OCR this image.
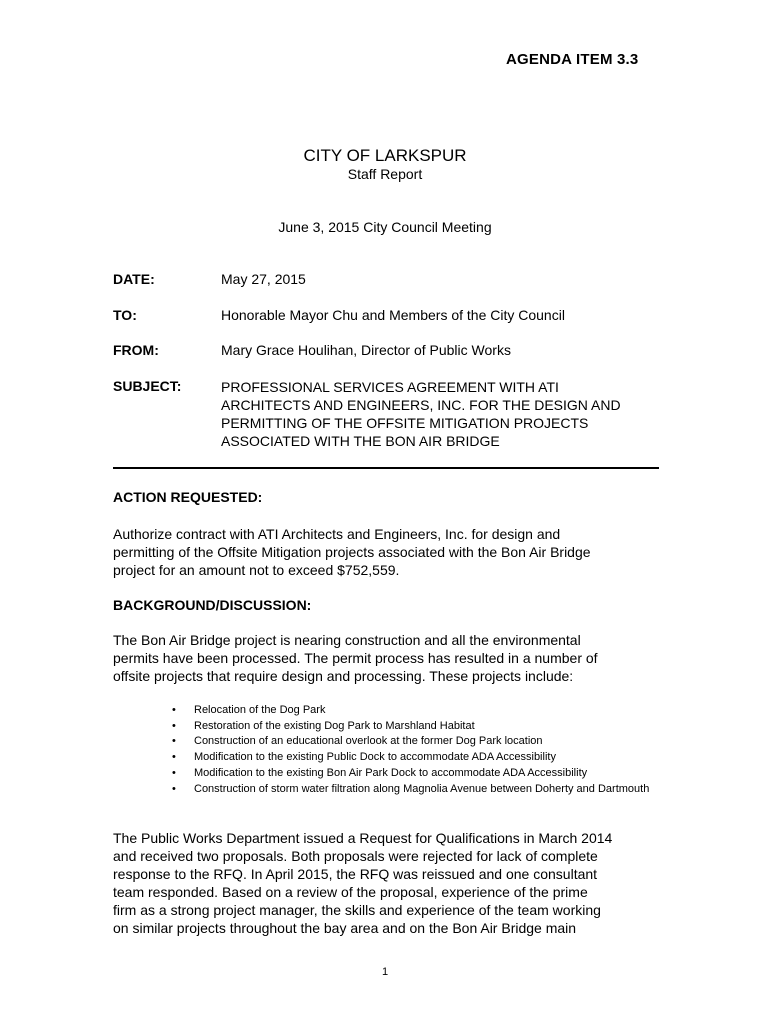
AGENDA ITEM 3.3
CITY OF LARKSPUR
Staff Report
June 3, 2015 City Council Meeting
DATE:	May 27, 2015
TO:	Honorable Mayor Chu and Members of the City Council
FROM:	Mary Grace Houlihan, Director of Public Works
SUBJECT:	PROFESSIONAL SERVICES AGREEMENT WITH ATI
ARCHITECTS AND ENGINEERS, INC. FOR THE DESIGN AND
PERMITTING OF THE OFFSITE MITIGATION PROJECTS
ASSOCIATED WITH THE BON AIR BRIDGE
ACTION REQUESTED:
Authorize contract with ATI Architects and Engineers, Inc. for design and
permitting of the Offsite Mitigation projects associated with the Bon Air Bridge
project for an amount not to exceed $752,559.
BACKGROUND/DISCUSSION:
The Bon Air Bridge project is nearing construction and all the environmental
permits have been processed. The permit process has resulted in a number of
offsite projects that require design and processing. These projects include:
• Relocation of the Dog Park
• Restoration of the existing Dog Park to Marshland Habitat
• Construction of an educational overlook at the former Dog Park location
• Modification to the existing Public Dock to accommodate ADA Accessibility
• Modification to the existing Bon Air Park Dock to accommodate ADA Accessibility
• Construction of storm water filtration along Magnolia Avenue between Doherty and Dartmouth
The Public Works Department issued a Request for Qualifications in March 2014
and received two proposals. Both proposals were rejected for lack of complete
response to the RFQ. In April 2015, the RFQ was reissued and one consultant
team responded. Based on a review of the proposal, experience of the prime
firm as a strong project manager, the skills and experience of the team working
on similar projects throughout the bay area and on the Bon Air Bridge main
1
